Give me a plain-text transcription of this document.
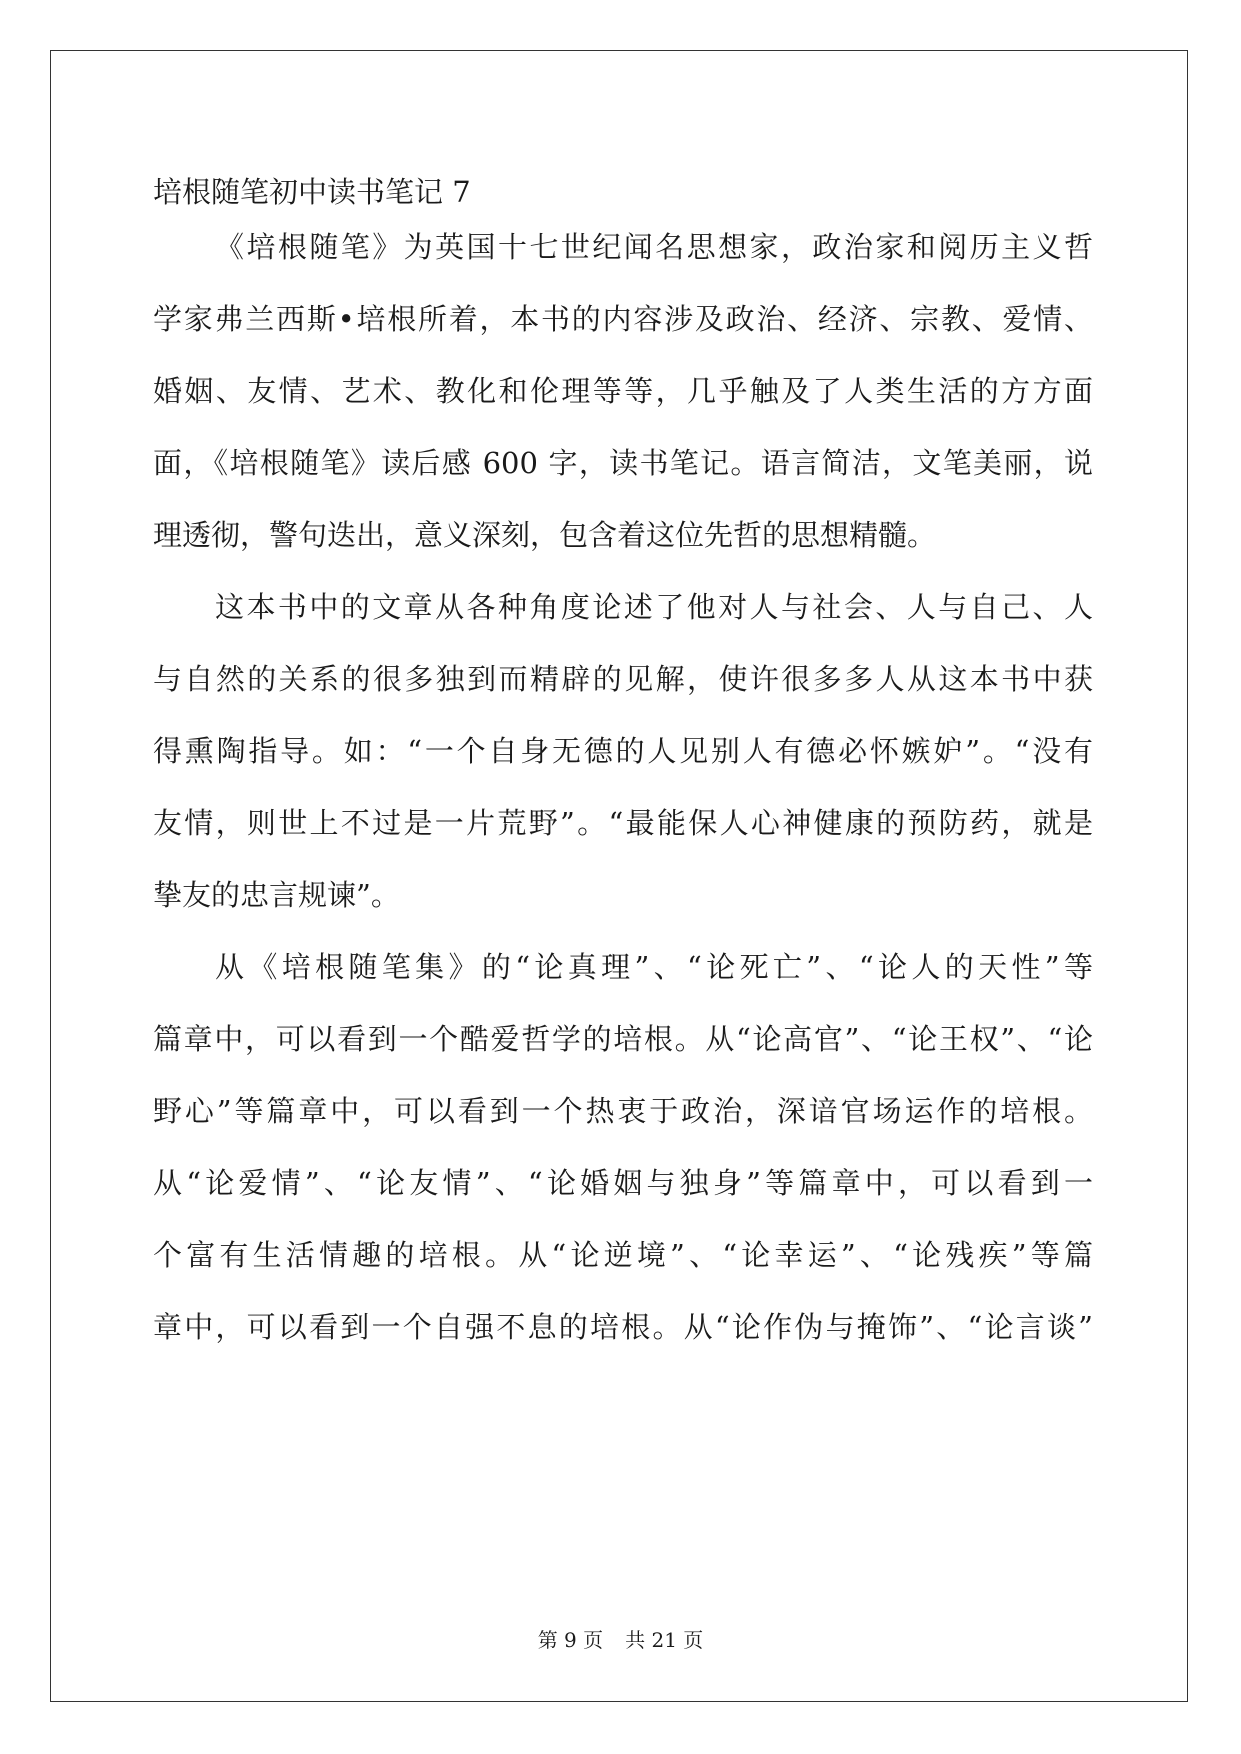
培根随笔初中读书笔记 7

《培根随笔》为英国十七世纪闻名思想家，政治家和阅历主义哲

学家弗兰西斯•培根所着，本书的内容涉及政治、经济、宗教、爱情、

婚姻、友情、艺术、教化和伦理等等，几乎触及了人类生活的方方面

面，《培根随笔》读后感 600 字，读书笔记。语言简洁，文笔美丽，说

理透彻，警句迭出，意义深刻，包含着这位先哲的思想精髓。

这本书中的文章从各种角度论述了他对人与社会、人与自己、人

与自然的关系的很多独到而精辟的见解，使许很多多人从这本书中获

得熏陶指导。如：“一个自身无德的人见别人有德必怀嫉妒”。“没有

友情，则世上不过是一片荒野”。“最能保人心神健康的预防药，就是

挚友的忠言规谏”。

从《培根随笔集》的“论真理”、“论死亡”、“论人的天性”等

篇章中，可以看到一个酷爱哲学的培根。从“论高官”、“论王权”、“论

野心”等篇章中，可以看到一个热衷于政治，深谙官场运作的培根。

从“论爱情”、“论友情”、“论婚姻与独身”等篇章中，可以看到一

个富有生活情趣的培根。从“论逆境”、“论幸运”、“论残疾”等篇

章中，可以看到一个自强不息的培根。从“论作伪与掩饰”、“论言谈”

第 9 页 共 21 页
